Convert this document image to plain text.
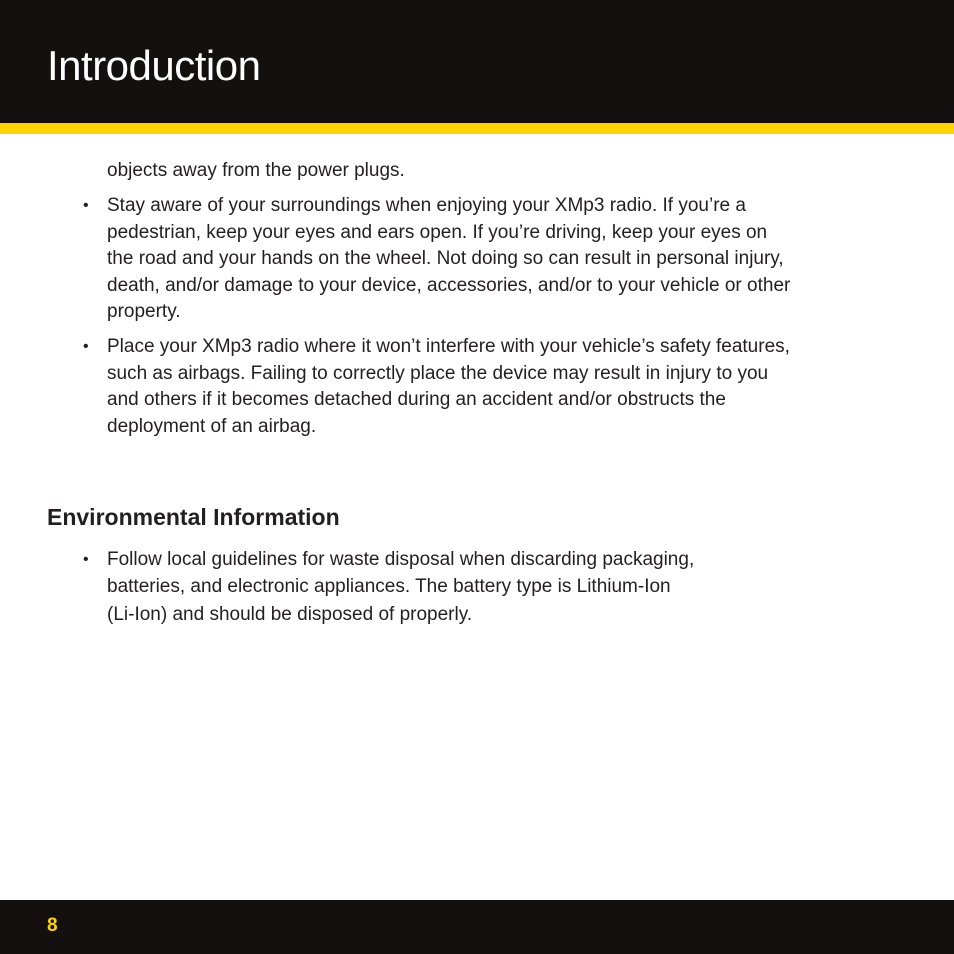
Introduction

objects away from the power plugs.

• Stay aware of your surroundings when enjoying your XMp3 radio. If you’re a pedestrian, keep your eyes and ears open. If you’re driving, keep your eyes on the road and your hands on the wheel. Not doing so can result in personal injury, death, and/or damage to your device, accessories, and/or to your vehicle or other property.

• Place your XMp3 radio where it won’t interfere with your vehicle’s safety features, such as airbags. Failing to correctly place the device may result in injury to you and others if it becomes detached during an accident and/or obstructs the deployment of an airbag.

Environmental Information
• Follow local guidelines for waste disposal when discarding packaging, batteries, and electronic appliances. The battery type is Lithium-Ion
(Li-Ion) and should be disposed of properly.

8
